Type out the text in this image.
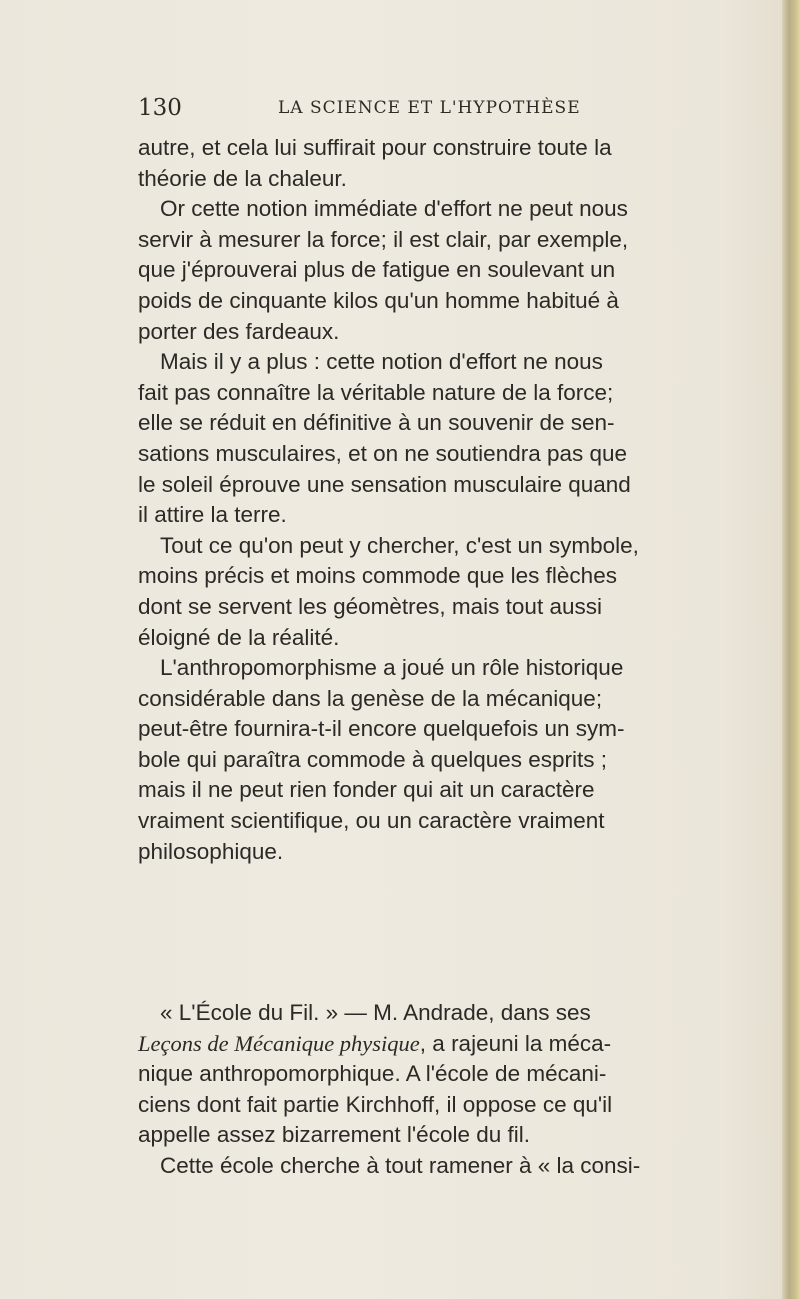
130	LA SCIENCE ET L'HYPOTHÈSE
autre, et cela lui suffirait pour construire toute la
théorie de la chaleur.
Or cette notion immédiate d'effort ne peut nous
servir à mesurer la force; il est clair, par exemple,
que j'éprouverai plus de fatigue en soulevant un
poids de cinquante kilos qu'un homme habitué à
porter des fardeaux.
Mais il y a plus : cette notion d'effort ne nous
fait pas connaître la véritable nature de la force;
elle se réduit en définitive à un souvenir de sen-
sations musculaires, et on ne soutiendra pas que
le soleil éprouve une sensation musculaire quand
il attire la terre.
Tout ce qu'on peut y chercher, c'est un symbole,
moins précis et moins commode que les flèches
dont se servent les géomètres, mais tout aussi
éloigné de la réalité.
L'anthropomorphisme a joué un rôle historique
considérable dans la genèse de la mécanique;
peut-être fournira-t-il encore quelquefois un sym-
bole qui paraîtra commode à quelques esprits ;
mais il ne peut rien fonder qui ait un caractère
vraiment scientifique, ou un caractère vraiment
philosophique.
« L'École du Fil. » — M. Andrade, dans ses
Leçons de Mécanique physique, a rajeuni la méca-
nique anthropomorphique. A l'école de mécani-
ciens dont fait partie Kirchhoff, il oppose ce qu'il
appelle assez bizarrement l'école du fil.
Cette école cherche à tout ramener à « la consi-
